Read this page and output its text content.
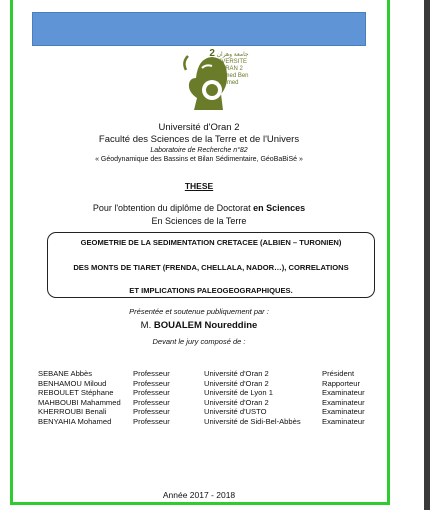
2 جامعة وهران
UNIVERSITE D'ORAN 2
Mohamed Ben Ahmed
Université d'Oran 2
Faculté des Sciences de la Terre et de l'Univers
Laboratoire de Recherche n°82
« Géodynamique des Bassins et Bilan Sédimentaire, GéoBaBiSé »
THESE
Pour l'obtention du diplôme de Doctorat en Sciences
En Sciences de la Terre
GEOMETRIE DE LA SEDIMENTATION CRETACEE (ALBIEN – TURONIEN)
DES MONTS DE TIARET (FRENDA, CHELLALA, NADOR…), CORRELATIONS
ET IMPLICATIONS PALEOGEOGRAPHIQUES.
Présentée et soutenue publiquement par :
M. BOUALEM Noureddine
Devant le jury composé de :
SEBANE Abbès	Professeur	Université d'Oran 2	Président
BENHAMOU Miloud	Professeur	Université d'Oran 2	Rapporteur
REBOULET Stéphane	Professeur	Université de Lyon 1	Examinateur
MAHBOUBI Mahammed Professeur	Université d'Oran 2	Examinateur
KHERROUBI Benali	Professeur	Université d'USTO	Examinateur
BENYAHIA Mohamed	Professeur	Université de Sidi-Bel-Abbès	Examinateur
Année 2017 - 2018
